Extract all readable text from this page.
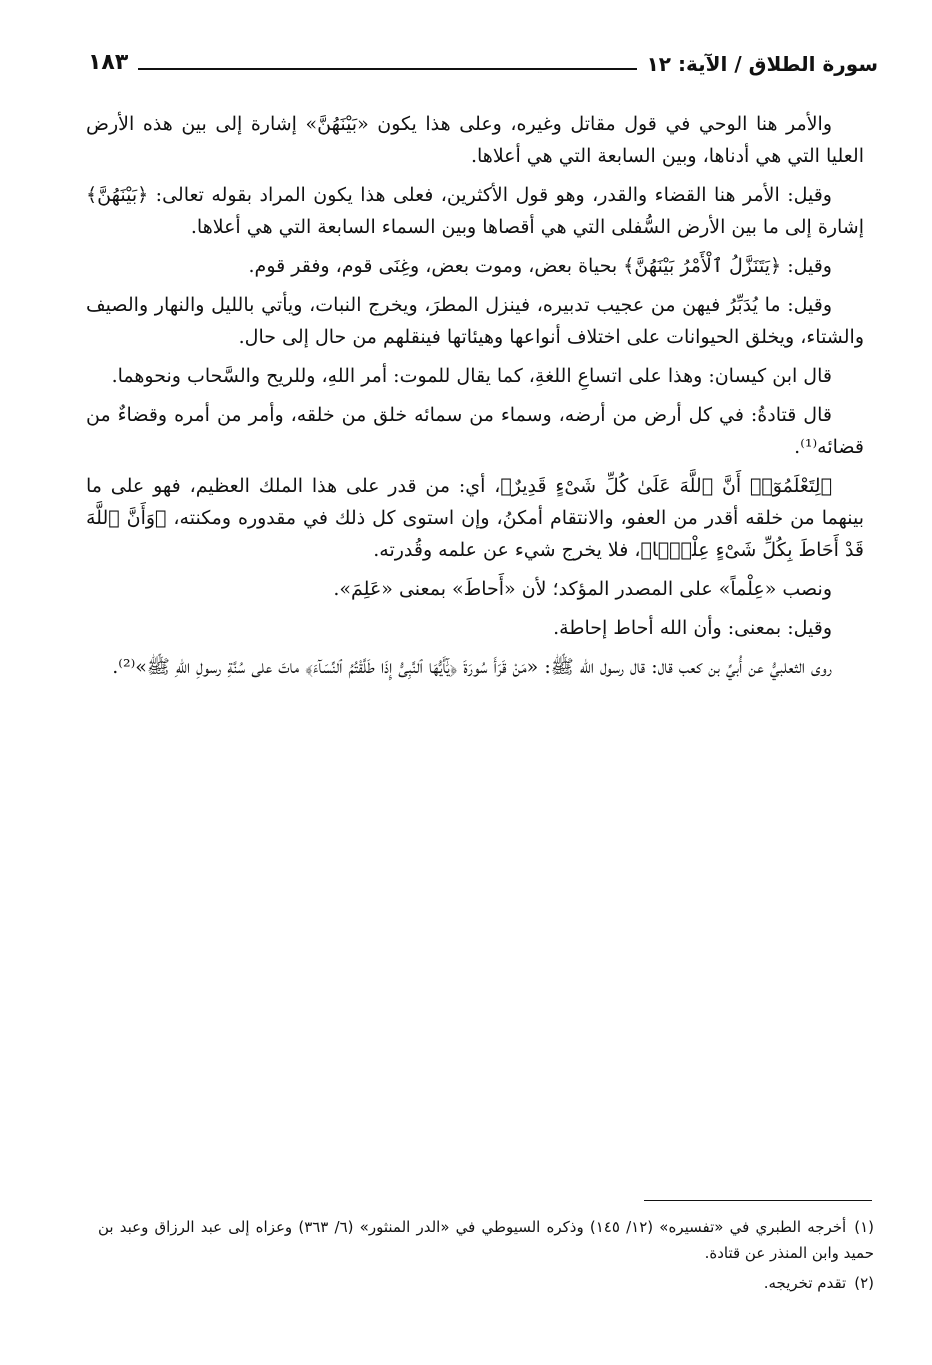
سورة الطلاق / الآية: ١٢
١٨٣

والأمر هنا الوحي في قول مقاتل وغيره، وعلى هذا يكون «بَيْنَهُنَّ» إشارة إلى بين هذه الأرض العليا التي هي أدناها، وبين السابعة التي هي أعلاها.

وقيل: الأمر هنا القضاء والقدر، وهو قول الأكثرين، فعلى هذا يكون المراد بقوله تعالى: ﴿بَيْنَهُنَّ﴾ إشارة إلى ما بين الأرض السُّفلى التي هي أقصاها وبين السماء السابعة التي هي أعلاها.

وقيل: ﴿يَتَنَزَّلُ ٱلْأَمْرُ بَيْنَهُنَّ﴾ بحياة بعض، وموت بعض، وغِنَى قوم، وفقر قوم.

وقيل: ما يُدَبِّرُ فيهن من عجيب تدبيره، فينزل المطرَ، ويخرج النبات، ويأتي بالليل والنهار والصيف والشتاء، ويخلق الحيوانات على اختلاف أنواعها وهيئاتها فينقلهم من حال إلى حال.

قال ابن كيسان: وهذا على اتساعِ اللغةِ، كما يقال للموت: أمر اللهِ، وللريح والسَّحاب ونحوهما.

قال قتادةُ: في كل أرض من أرضه، وسماء من سمائه خلق من خلقه، وأمر من أمره وقضاءٌ من قضائه⁽¹⁾.

﴿لِتَعْلَمُوٓا۟ أَنَّ ٱللَّهَ عَلَىٰ كُلِّ شَىْءٍ قَدِيرٌ﴾، أي: من قدر على هذا الملك العظيم، فهو على ما بينهما من خلقه أقدر من العفو، والانتقام أمكنُ، وإن استوى كل ذلك في مقدوره ومكنته، ﴿وَأَنَّ ٱللَّهَ قَدْ أَحَاطَ بِكُلِّ شَىْءٍ عِلْمًۢا﴾، فلا يخرج شيء عن علمه وقُدرته.

ونصب «عِلْماً» على المصدر المؤكد؛ لأن «أَحاطَ» بمعنى «عَلِمَ».

وقيل: بمعنى: وأن الله أحاط إحاطة.

روى الثعلبيُّ عن أُبيِّ بن كعب قال: قال رسول الله ﷺ: «مَنْ قَرَأَ سُورَةَ ﴿يَٰٓأَيُّهَا ٱلنَّبِىُّ إِذَا طَلَّقْتُمُ ٱلنِّسَآءَ﴾ ماتَ على سُنَّةِ رسولِ اللهِ ﷺ»⁽²⁾.

(١)أخرجه الطبري في «تفسيره» (١٢/ ١٤٥) وذكره السيوطي في «الدر المنثور» (٦/ ٣٦٣) وعزاه إلى عبد الرزاق وعبد بن حميد وابن المنذر عن قتادة.

(٢)تقدم تخريجه.
